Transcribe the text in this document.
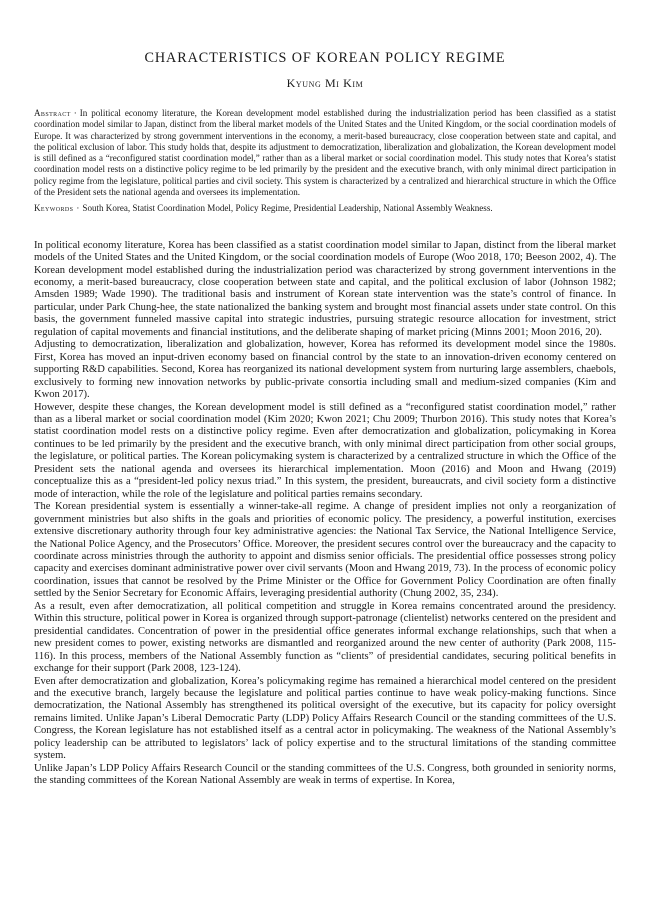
CHARACTERISTICS OF KOREAN POLICY REGIME
Kyung Mi Kim

Abstract · In political economy literature, the Korean development model established during the industrialization period has been classified as a statist coordination model similar to Japan, distinct from the liberal market models of the United States and the United Kingdom, or the social coordination models of Europe. It was characterized by strong government interventions in the economy, a merit-based bureaucracy, close cooperation between state and capital, and the political exclusion of labor. This study holds that, despite its adjustment to democratization, liberalization and globalization, the Korean development model is still defined as a “reconfigured statist coordination model,” rather than as a liberal market or social coordination model. This study notes that Korea’s statist coordination model rests on a distinctive policy regime to be led primarily by the president and the executive branch, with only minimal direct participation in policy regime from the legislature, political parties and civil society. This system is characterized by a centralized and hierarchical structure in which the Office of the President sets the national agenda and oversees its implementation.

Keywords · South Korea, Statist Coordination Model, Policy Regime, Presidential Leadership, National Assembly Weakness.

In political economy literature, Korea has been classified as a statist coordination model similar to Japan, distinct from the liberal market models of the United States and the United Kingdom, or the social coordination models of Europe (Woo 2018, 170; Beeson 2002, 4). The Korean development model established during the industrialization period was characterized by strong government interventions in the economy, a merit-based bureaucracy, close cooperation between state and capital, and the political exclusion of labor (Johnson 1982; Amsden 1989; Wade 1990). The traditional basis and instrument of Korean state intervention was the state’s control of finance. In particular, under Park Chung-hee, the state nationalized the banking system and brought most financial assets under state control. On this basis, the government funneled massive capital into strategic industries, pursuing strategic resource allocation for investment, strict regulation of capital movements and financial institutions, and the deliberate shaping of market pricing (Minns 2001; Moon 2016, 20).

Adjusting to democratization, liberalization and globalization, however, Korea has reformed its development model since the 1980s. First, Korea has moved an input-driven economy based on financial control by the state to an innovation-driven economy centered on supporting R&D capabilities. Second, Korea has reorganized its national development system from nurturing large assemblers, chaebols, exclusively to forming new innovation networks by public-private consortia including small and medium-sized companies (Kim and Kwon 2017).

However, despite these changes, the Korean development model is still defined as a “reconfigured statist coordination model,” rather than as a liberal market or social coordination model (Kim 2020; Kwon 2021; Chu 2009; Thurbon 2016). This study notes that Korea’s statist coordination model rests on a distinctive policy regime. Even after democratization and globalization, policymaking in Korea continues to be led primarily by the president and the executive branch, with only minimal direct participation from other social groups, the legislature, or political parties. The Korean policymaking system is characterized by a centralized structure in which the Office of the President sets the national agenda and oversees its hierarchical implementation. Moon (2016) and Moon and Hwang (2019) conceptualize this as a “president-led policy nexus triad.” In this system, the president, bureaucrats, and civil society form a distinctive mode of interaction, while the role of the legislature and political parties remains secondary.

The Korean presidential system is essentially a winner-take-all regime. A change of president implies not only a reorganization of government ministries but also shifts in the goals and priorities of economic policy. The presidency, a powerful institution, exercises extensive discretionary authority through four key administrative agencies: the National Tax Service, the National Intelligence Service, the National Police Agency, and the Prosecutors’ Office. Moreover, the president secures control over the bureaucracy and the capacity to coordinate across ministries through the authority to appoint and dismiss senior officials. The presidential office possesses strong policy capacity and exercises dominant administrative power over civil servants (Moon and Hwang 2019, 73). In the process of economic policy coordination, issues that cannot be resolved by the Prime Minister or the Office for Government Policy Coordination are often finally settled by the Senior Secretary for Economic Affairs, leveraging presidential authority (Chung 2002, 35, 234).

As a result, even after democratization, all political competition and struggle in Korea remains concentrated around the presidency. Within this structure, political power in Korea is organized through support-patronage (clientelist) networks centered on the president and presidential candidates. Concentration of power in the presidential office generates informal exchange relationships, such that when a new president comes to power, existing networks are dismantled and reorganized around the new center of authority (Park 2008, 115-116). In this process, members of the National Assembly function as “clients” of presidential candidates, securing political benefits in exchange for their support (Park 2008, 123-124).

Even after democratization and globalization, Korea’s policymaking regime has remained a hierarchical model centered on the president and the executive branch, largely because the legislature and political parties continue to have weak policy-making functions. Since democratization, the National Assembly has strengthened its political oversight of the executive, but its capacity for policy oversight remains limited. Unlike Japan’s Liberal Democratic Party (LDP) Policy Affairs Research Council or the standing committees of the U.S. Congress, the Korean legislature has not established itself as a central actor in policymaking. The weakness of the National Assembly’s policy leadership can be attributed to legislators’ lack of policy expertise and to the structural limitations of the standing committee system.

Unlike Japan’s LDP Policy Affairs Research Council or the standing committees of the U.S. Congress, both grounded in seniority norms, the standing committees of the Korean National Assembly are weak in terms of expertise. In Korea,
